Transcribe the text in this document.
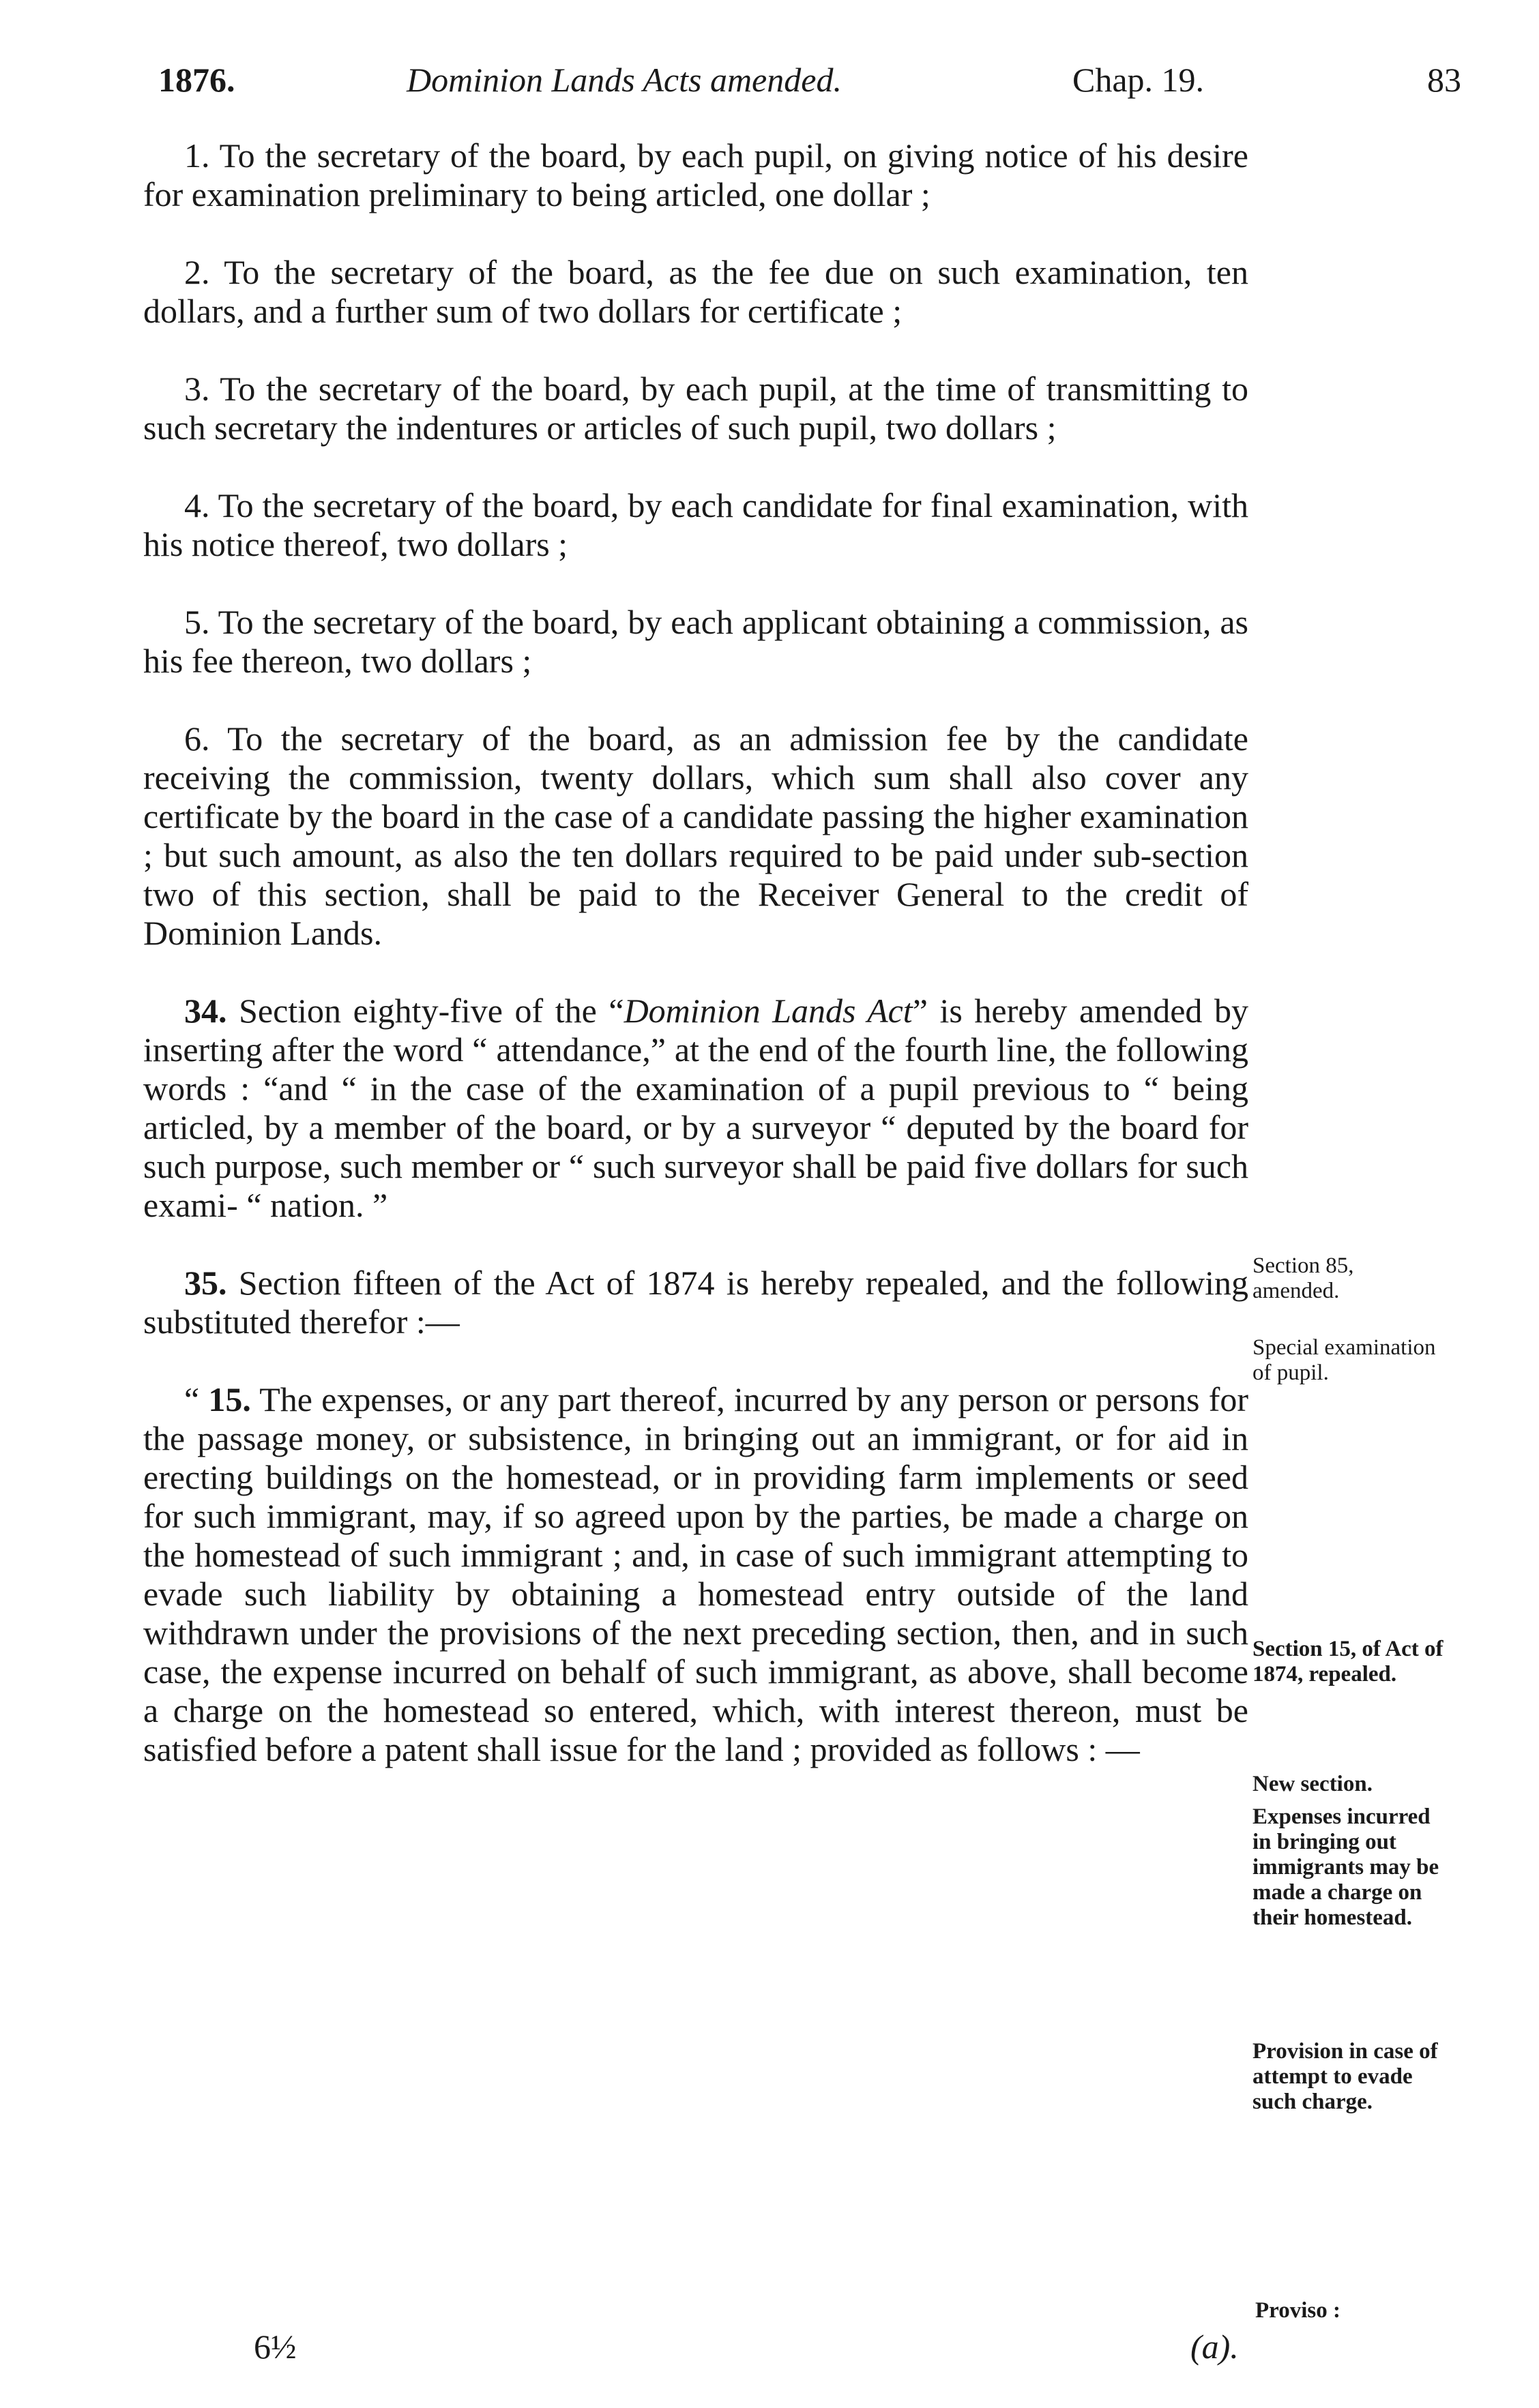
1876.	Dominion Lands Acts amended.	Chap. 19.	83

1. To the secretary of the board, by each pupil, on giving notice of his desire for examination preliminary to being articled, one dollar ;

2. To the secretary of the board, as the fee due on such examination, ten dollars, and a further sum of two dollars for certificate ;

3. To the secretary of the board, by each pupil, at the time of transmitting to such secretary the indentures or articles of such pupil, two dollars ;

4. To the secretary of the board, by each candidate for final examination, with his notice thereof, two dollars ;

5. To the secretary of the board, by each applicant obtaining a commission, as his fee thereon, two dollars ;

6. To the secretary of the board, as an admission fee by the candidate receiving the commission, twenty dollars, which sum shall also cover any certificate by the board in the case of a candidate passing the higher examination ; but such amount, as also the ten dollars required to be paid under sub-section two of this section, shall be paid to the Receiver General to the credit of Dominion Lands.

34. Section eighty-five of the “Dominion Lands Act” is hereby amended by inserting after the word “ attendance,” at the end of the fourth line, the following words : “and “ in the case of the examination of a pupil previous to “ being articled, by a member of the board, or by a surveyor “ deputed by the board for such purpose, such member or “ such surveyor shall be paid five dollars for such exami- “ nation. ”

35. Section fifteen of the Act of 1874 is hereby repealed, and the following substituted therefor :—

“ 15. The expenses, or any part thereof, incurred by any person or persons for the passage money, or subsistence, in bringing out an immigrant, or for aid in erecting buildings on the homestead, or in providing farm implements or seed for such immigrant, may, if so agreed upon by the parties, be made a charge on the homestead of such immigrant ; and, in case of such immigrant attempting to evade such liability by obtaining a homestead entry outside of the land withdrawn under the provisions of the next preceding section, then, and in such case, the expense incurred on behalf of such immigrant, as above, shall become a charge on the homestead so entered, which, with interest thereon, must be satisfied before a patent shall issue for the land ; provided as follows : —

Section 85, amended.
Special examination of pupil.
Section 15, of Act of 1874, repealed.
New section.
Expenses incurred in bringing out immigrants may be made a charge on their homestead.
Provision in case of attempt to evade such charge.
Proviso :
6½	(a).
